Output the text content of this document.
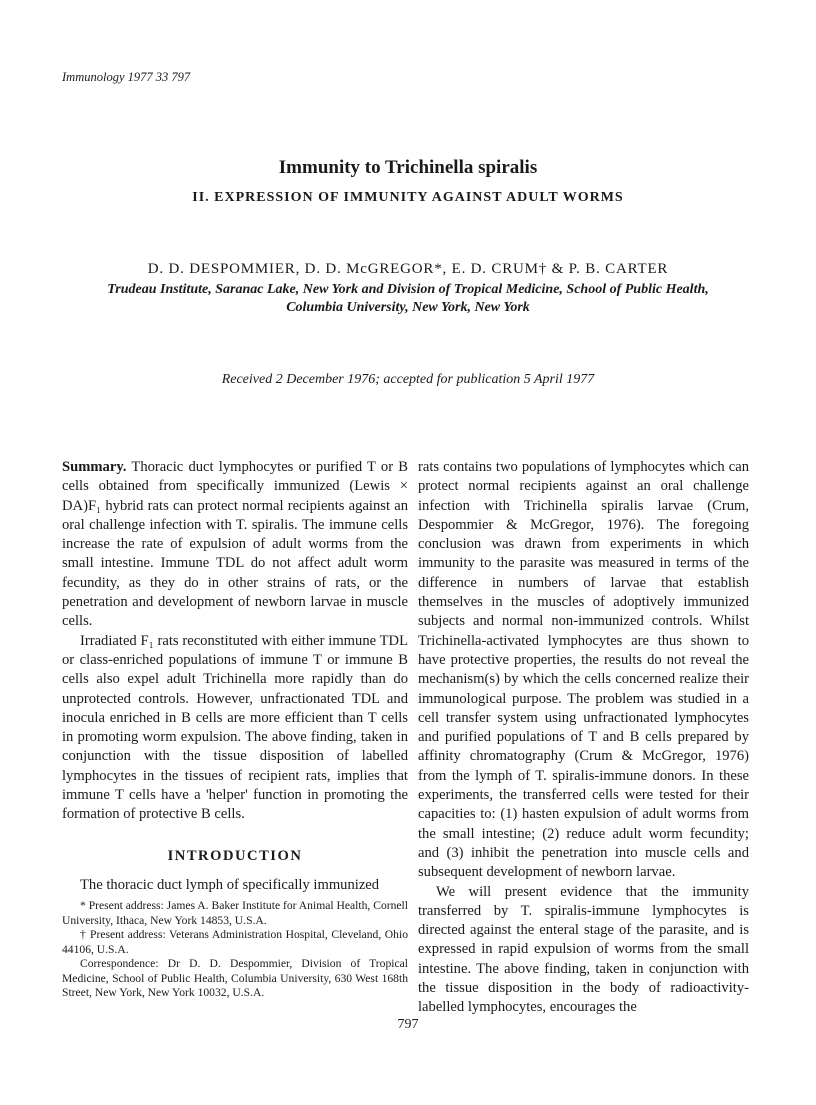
Immunology 1977 33 797
Immunity to Trichinella spiralis
II. EXPRESSION OF IMMUNITY AGAINST ADULT WORMS
D. D. DESPOMMIER, D. D. McGREGOR*, E. D. CRUM† & P. B. CARTER
Trudeau Institute, Saranac Lake, New York and Division of Tropical Medicine, School of Public Health,
Columbia University, New York, New York
Received 2 December 1976; accepted for publication 5 April 1977

Summary. Thoracic duct lymphocytes or purified T or B cells obtained from specifically immunized (Lewis × DA)F₁ hybrid rats can protect normal recipients against an oral challenge infection with T. spiralis. The immune cells increase the rate of expulsion of adult worms from the small intestine. Immune TDL do not affect adult worm fecundity, as they do in other strains of rats, or the penetration and development of newborn larvae in muscle cells.

Irradiated F₁ rats reconstituted with either immune TDL or class-enriched populations of immune T or immune B cells also expel adult Trichinella more rapidly than do unprotected controls. However, unfractionated TDL and inocula enriched in B cells are more efficient than T cells in promoting worm expulsion. The above finding, taken in conjunction with the tissue disposition of labelled lymphocytes in the tissues of recipient rats, implies that immune T cells have a 'helper' function in promoting the formation of protective B cells.

INTRODUCTION

The thoracic duct lymph of specifically immunized

* Present address: James A. Baker Institute for Animal Health, Cornell University, Ithaca, New York 14853, U.S.A.

† Present address: Veterans Administration Hospital, Cleveland, Ohio 44106, U.S.A.

Correspondence: Dr D. D. Despommier, Division of Tropical Medicine, School of Public Health, Columbia University, 630 West 168th Street, New York, New York 10032, U.S.A.

rats contains two populations of lymphocytes which can protect normal recipients against an oral challenge infection with Trichinella spiralis larvae (Crum, Despommier & McGregor, 1976). The foregoing conclusion was drawn from experiments in which immunity to the parasite was measured in terms of the difference in numbers of larvae that establish themselves in the muscles of adoptively immunized subjects and normal non-immunized controls. Whilst Trichinella-activated lymphocytes are thus shown to have protective properties, the results do not reveal the mechanism(s) by which the cells concerned realize their immunological purpose. The problem was studied in a cell transfer system using unfractionated lymphocytes and purified populations of T and B cells prepared by affinity chromatography (Crum & McGregor, 1976) from the lymph of T. spiralis-immune donors. In these experiments, the transferred cells were tested for their capacities to: (1) hasten expulsion of adult worms from the small intestine; (2) reduce adult worm fecundity; and (3) inhibit the penetration into muscle cells and subsequent development of newborn larvae.

We will present evidence that the immunity transferred by T. spiralis-immune lymphocytes is directed against the enteral stage of the parasite, and is expressed in rapid expulsion of worms from the small intestine. The above finding, taken in conjunction with the tissue disposition in the body of radioactivity-labelled lymphocytes, encourages the

797
